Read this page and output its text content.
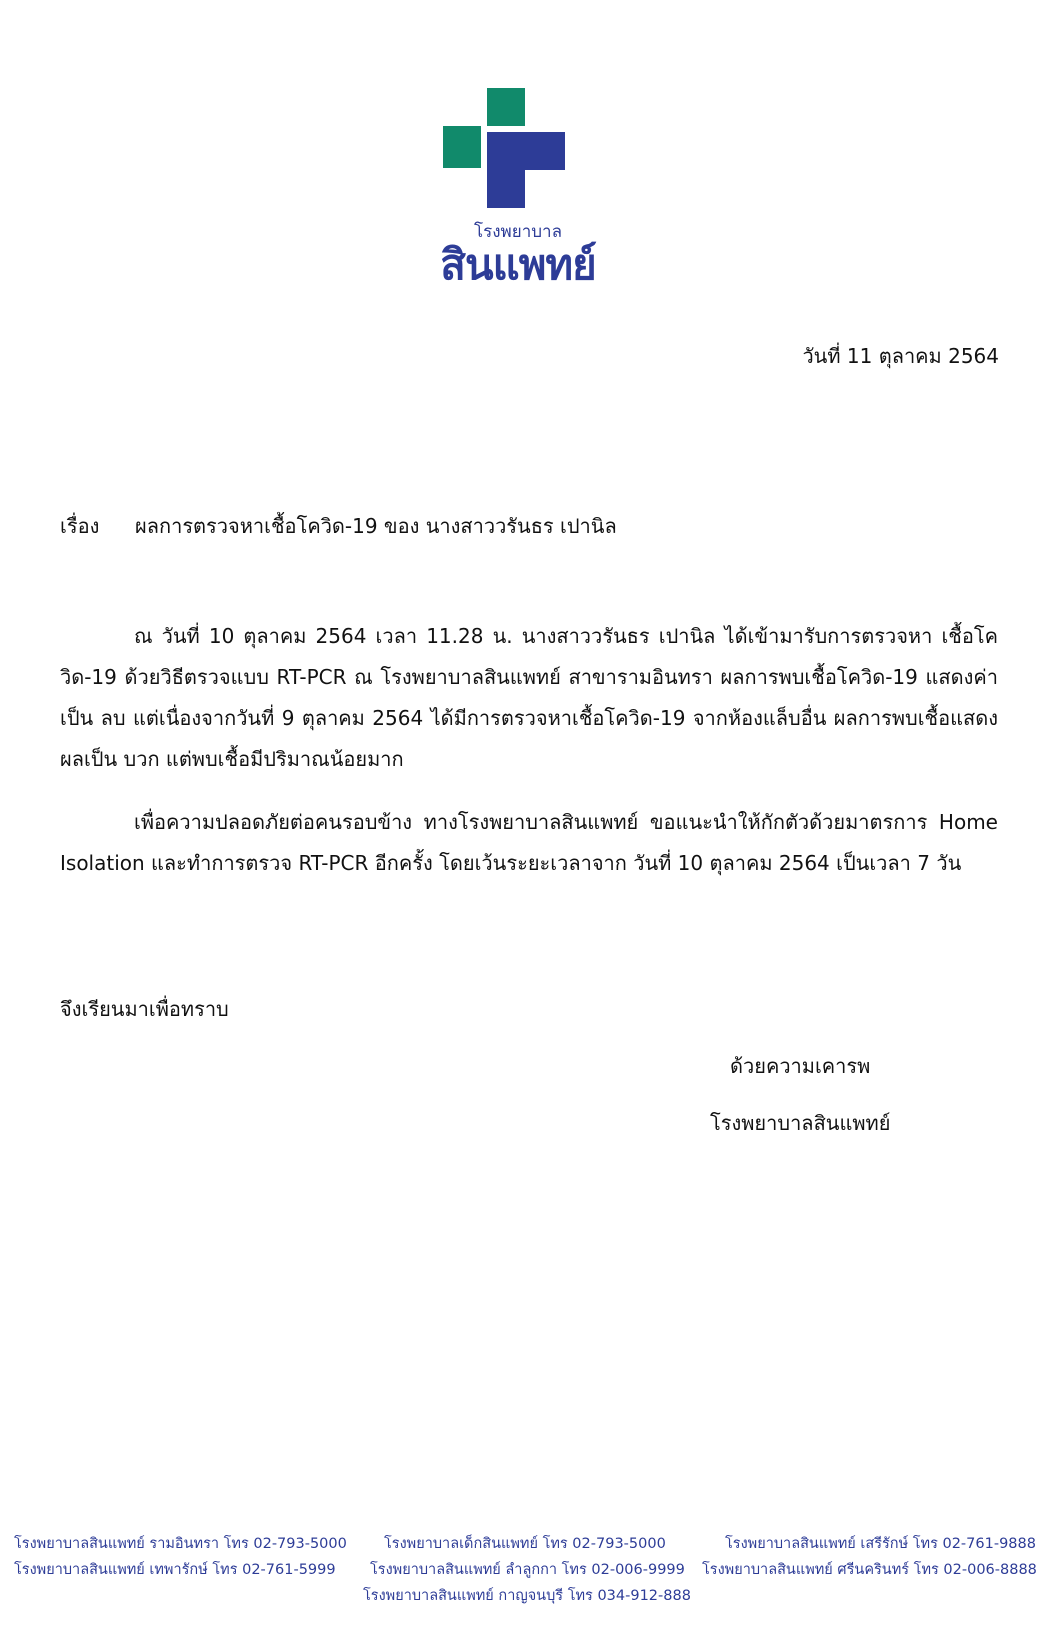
โรงพยาบาล
สินแพทย์
วันที่ 11 ตุลาคม 2564
เรื่อง ผลการตรวจหาเชื้อโควิด-19 ของ นางสาววรันธร เปานิล
ณ วันที่ 10 ตุลาคม 2564 เวลา 11.28 น. นางสาววรันธร เปานิล ได้เข้ามารับการตรวจหา เชื้อโควิด-19 ด้วยวิธีตรวจแบบ RT-PCR ณ โรงพยาบาลสินแพทย์ สาขารามอินทรา ผลการพบเชื้อโควิด-19 แสดงค่าเป็น ลบ แต่เนื่องจากวันที่ 9 ตุลาคม 2564 ได้มีการตรวจหาเชื้อโควิด-19 จากห้องแล็บอื่น ผลการพบเชื้อแสดงผลเป็น บวก แต่พบเชื้อมีปริมาณน้อยมาก
เพื่อความปลอดภัยต่อคนรอบข้าง ทางโรงพยาบาลสินแพทย์ ขอแนะนำให้กักตัวด้วยมาตรการ Home Isolation และทำการตรวจ RT-PCR อีกครั้ง โดยเว้นระยะเวลาจาก วันที่ 10 ตุลาคม 2564 เป็นเวลา 7 วัน
จึงเรียนมาเพื่อทราบ
ด้วยความเคารพ
โรงพยาบาลสินแพทย์
โรงพยาบาลสินแพทย์ รามอินทรา โทร 02-793-5000	โรงพยาบาลเด็กสินแพทย์ โทร 02-793-5000	โรงพยาบาลสินแพทย์ เสรีรักษ์ โทร 02-761-9888
โรงพยาบาลสินแพทย์ เทพารักษ์ โทร 02-761-5999 โรงพยาบาลสินแพทย์ ลำลูกกา โทร 02-006-9999 โรงพยาบาลสินแพทย์ ศรีนครินทร์ โทร 02-006-8888
โรงพยาบาลสินแพทย์ กาญจนบุรี โทร 034-912-888
